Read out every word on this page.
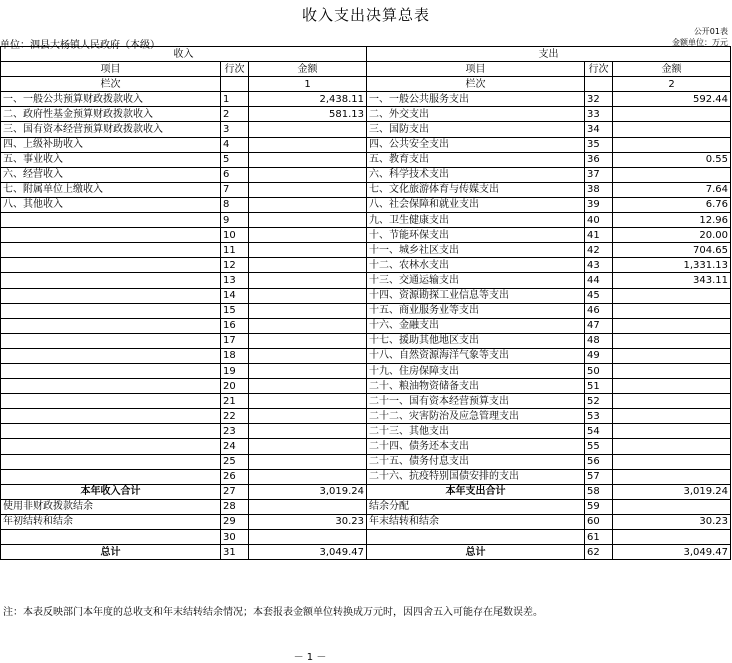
收入支出决算总表
公开01表
单位：泗县大杨镇人民政府（本级）	金额单位：万元
收入			支出		
项目	行次	金额	项目	行次	金额
栏次		1	栏次		2
一、一般公共预算财政拨款收入	1	2,438.11	一、一般公共服务支出	32	592.44
二、政府性基金预算财政拨款收入	2	581.13	二、外交支出	33	
三、国有资本经营预算财政拨款收入	3		三、国防支出	34	
四、上级补助收入	4		四、公共安全支出	35	
五、事业收入	5		五、教育支出	36	0.55
六、经营收入	6		六、科学技术支出	37	
七、附属单位上缴收入	7		七、文化旅游体育与传媒支出	38	7.64
八、其他收入	8		八、社会保障和就业支出	39	6.76
	9		九、卫生健康支出	40	12.96
	10		十、节能环保支出	41	20.00
	11		十一、城乡社区支出	42	704.65
	12		十二、农林水支出	43	1,331.13
	13		十三、交通运输支出	44	343.11
	14		十四、资源勘探工业信息等支出	45	
	15		十五、商业服务业等支出	46	
	16		十六、金融支出	47	
	17		十七、援助其他地区支出	48	
	18		十八、自然资源海洋气象等支出	49	
	19		十九、住房保障支出	50	
	20		二十、粮油物资储备支出	51	
	21		二十一、国有资本经营预算支出	52	
	22		二十二、灾害防治及应急管理支出	53	
	23		二十三、其他支出	54	
	24		二十四、债务还本支出	55	
	25		二十五、债务付息支出	56	
	26		二十六、抗疫特别国债安排的支出	57	
本年收入合计	27	3,019.24	本年支出合计	58	3,019.24
使用非财政拨款结余	28		结余分配	59	
年初结转和结余	29	30.23	年末结转和结余	60	30.23
	30			61	
总计	31	3,049.47	总计	62	3,049.47
注：本表反映部门本年度的总收支和年末结转结余情况；本套报表金额单位转换成万元时，因四舍五入可能存在尾数误差。
－ 1 －
